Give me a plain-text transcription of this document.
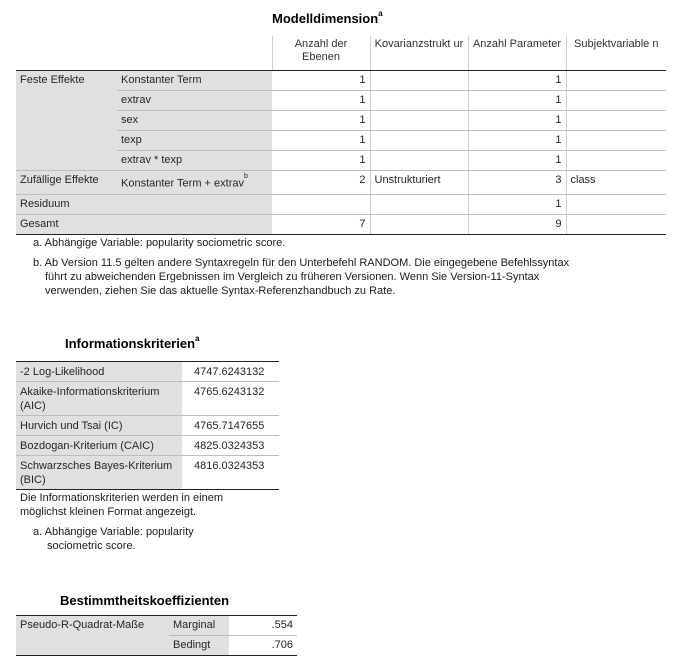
Modelldimension$^a$
		Anzahl der Ebenen	Kovarianzstrukt ur	Anzahl Parameter	Subjektvariable n
Feste Effekte	Konstanter Term	1		1	
	extrav	1		1	
	sex	1		1	
	texp	1		1	
	extrav * texp	1		1	
Zufällige Effekte	Konstanter Term + extrav$^b$	2	Unstrukturiert	3	class
Residuum				1	
Gesamt		7		9	
a. Abhängige Variable: popularity sociometric score.
b. Ab Version 11.5 gelten andere Syntaxregeln für den Unterbefehl RANDOM. Die eingegebene Befehlssyntax
führt zu abweichenden Ergebnissen im Vergleich zu früheren Versionen. Wenn Sie Version-11-Syntax
verwenden, ziehen Sie das aktuelle Syntax-Referenzhandbuch zu Rate.
Informationskriterien$^a$
-2 Log-Likelihood	4747.6243132
Akaike-Informationskriterium (AIC)	4765.6243132
Hurvich und Tsai (IC)	4765.7147655
Bozdogan-Kriterium (CAIC)	4825.0324353
Schwarzsches Bayes-Kriterium (BIC)	4816.0324353
Die Informationskriterien werden in einem
möglichst kleinen Format angezeigt.
a. Abhängige Variable: popularity
sociometric score.
Bestimmtheitskoeffizienten
Pseudo-R-Quadrat-Maße	Marginal	.554
	Bedingt	.706
